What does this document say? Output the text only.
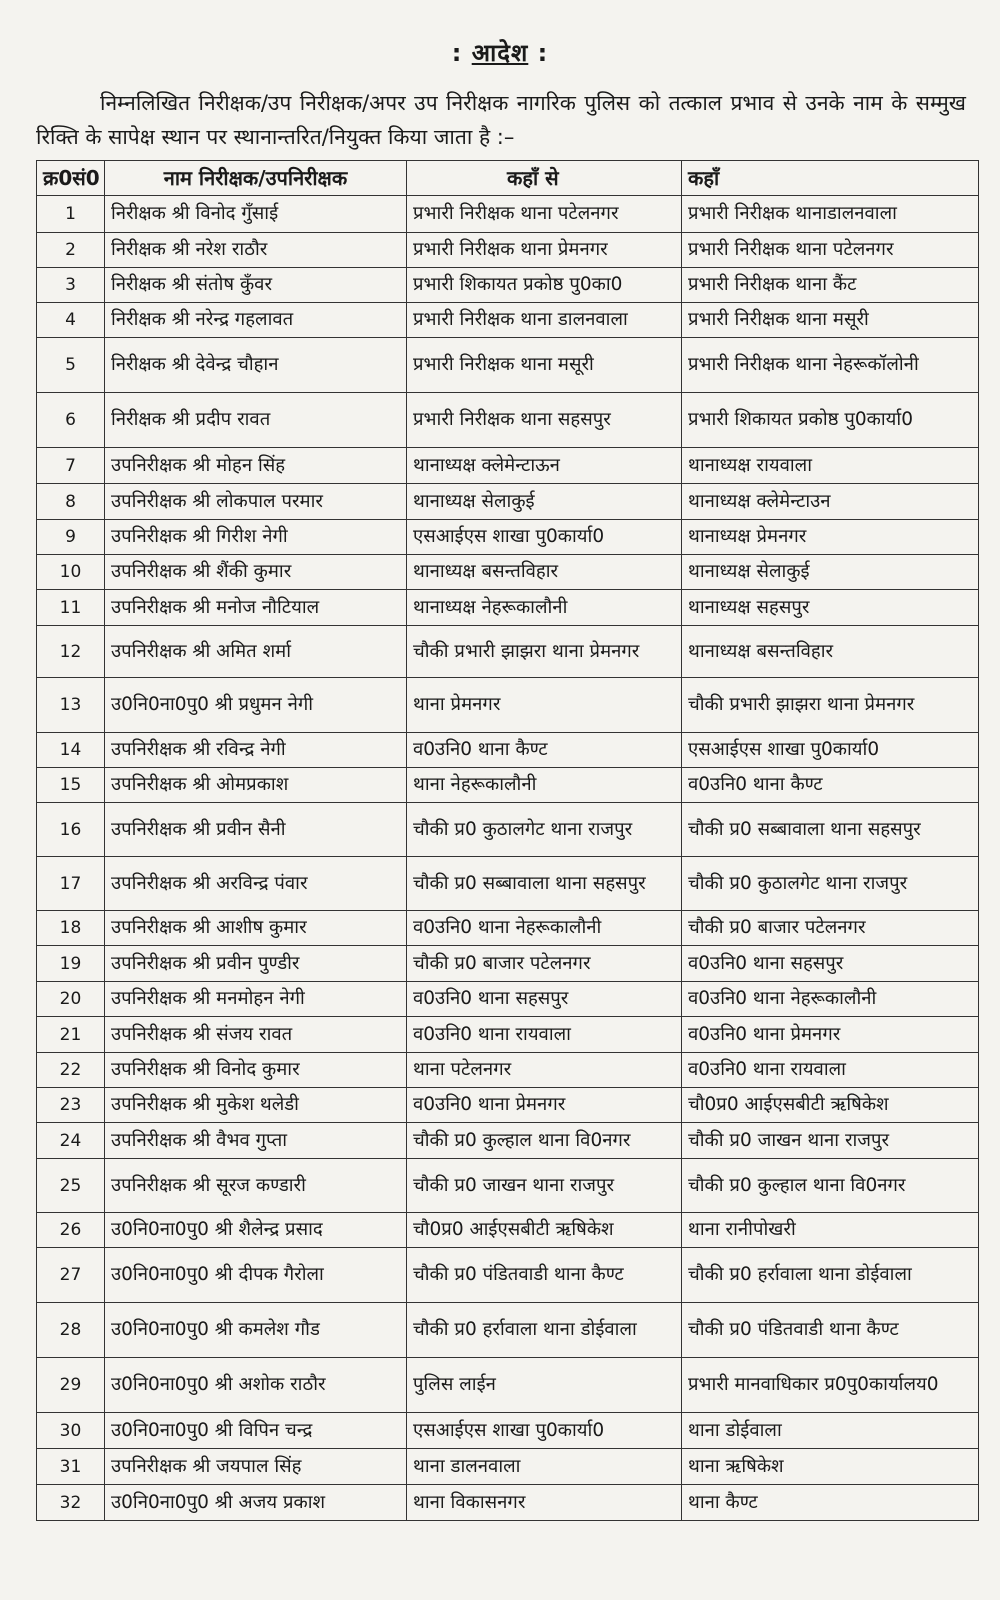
: आदेश :
निम्नलिखित निरीक्षक/उप निरीक्षक/अपर उप निरीक्षक नागरिक पुलिस को तत्काल प्रभाव से उनके नाम के सम्मुख रिक्ति के सापेक्ष स्थान पर स्थानान्तरित/नियुक्त किया जाता है :–
क्र0सं0	नाम निरीक्षक/उपनिरीक्षक	कहाँ से	कहाँ
1	निरीक्षक श्री विनोद गुँसाई	प्रभारी निरीक्षक थाना पटेलनगर	प्रभारी निरीक्षक थानाडालनवाला
2	निरीक्षक श्री नरेश राठौर	प्रभारी निरीक्षक थाना प्रेमनगर	प्रभारी निरीक्षक थाना पटेलनगर
3	निरीक्षक श्री संतोष कुँवर	प्रभारी शिकायत प्रकोष्ठ पु0का0	प्रभारी निरीक्षक थाना कैंट
4	निरीक्षक श्री नरेन्द्र गहलावत	प्रभारी निरीक्षक थाना डालनवाला	प्रभारी निरीक्षक थाना मसूरी
5	निरीक्षक श्री देवेन्द्र चौहान	प्रभारी निरीक्षक थाना मसूरी	प्रभारी निरीक्षक थाना नेहरूकॉलोनी
6	निरीक्षक श्री प्रदीप रावत	प्रभारी निरीक्षक थाना सहसपुर	प्रभारी शिकायत प्रकोष्ठ पु0कार्या0
7	उपनिरीक्षक श्री मोहन सिंह	थानाध्यक्ष क्लेमेन्टाऊन	थानाध्यक्ष रायवाला
8	उपनिरीक्षक श्री लोकपाल परमार	थानाध्यक्ष सेलाकुई	थानाध्यक्ष क्लेमेन्टाउन
9	उपनिरीक्षक श्री गिरीश नेगी	एसआईएस शाखा पु0कार्या0	थानाध्यक्ष प्रेमनगर
10	उपनिरीक्षक श्री शैंकी कुमार	थानाध्यक्ष बसन्तविहार	थानाध्यक्ष सेलाकुई
11	उपनिरीक्षक श्री मनोज नौटियाल	थानाध्यक्ष नेहरूकालौनी	थानाध्यक्ष सहसपुर
12	उपनिरीक्षक श्री अमित शर्मा	चौकी प्रभारी झाझरा थाना प्रेमनगर	थानाध्यक्ष बसन्तविहार
13	उ0नि0ना0पु0 श्री प्रधुमन नेगी	थाना प्रेमनगर	चौकी प्रभारी झाझरा थाना प्रेमनगर
14	उपनिरीक्षक श्री रविन्द्र नेगी	व0उनि0 थाना कैण्ट	एसआईएस शाखा पु0कार्या0
15	उपनिरीक्षक श्री ओमप्रकाश	थाना नेहरूकालौनी	व0उनि0 थाना कैण्ट
16	उपनिरीक्षक श्री प्रवीन सैनी	चौकी प्र0 कुठालगेट थाना राजपुर	चौकी प्र0 सब्बावाला थाना सहसपुर
17	उपनिरीक्षक श्री अरविन्द्र पंवार	चौकी प्र0 सब्बावाला थाना सहसपुर	चौकी प्र0 कुठालगेट थाना राजपुर
18	उपनिरीक्षक श्री आशीष कुमार	व0उनि0 थाना नेहरूकालौनी	चौकी प्र0 बाजार पटेलनगर
19	उपनिरीक्षक श्री प्रवीन पुण्डीर	चौकी प्र0 बाजार पटेलनगर	व0उनि0 थाना सहसपुर
20	उपनिरीक्षक श्री मनमोहन नेगी	व0उनि0 थाना सहसपुर	व0उनि0 थाना नेहरूकालौनी
21	उपनिरीक्षक श्री संजय रावत	व0उनि0 थाना रायवाला	व0उनि0 थाना प्रेमनगर
22	उपनिरीक्षक श्री विनोद कुमार	थाना पटेलनगर	व0उनि0 थाना रायवाला
23	उपनिरीक्षक श्री मुकेश थलेडी	व0उनि0 थाना प्रेमनगर	चौ0प्र0 आईएसबीटी ऋषिकेश
24	उपनिरीक्षक श्री वैभव गुप्ता	चौकी प्र0 कुल्हाल थाना वि0नगर	चौकी प्र0 जाखन थाना राजपुर
25	उपनिरीक्षक श्री सूरज कण्डारी	चौकी प्र0 जाखन थाना राजपुर	चौकी प्र0 कुल्हाल थाना वि0नगर
26	उ0नि0ना0पु0 श्री शैलेन्द्र प्रसाद	चौ0प्र0 आईएसबीटी ऋषिकेश	थाना रानीपोखरी
27	उ0नि0ना0पु0 श्री दीपक गैरोला	चौकी प्र0 पंडितवाडी थाना कैण्ट	चौकी प्र0 हर्रावाला थाना डोईवाला
28	उ0नि0ना0पु0 श्री कमलेश गौड	चौकी प्र0 हर्रावाला थाना डोईवाला	चौकी प्र0 पंडितवाडी थाना कैण्ट
29	उ0नि0ना0पु0 श्री अशोक राठौर	पुलिस लाईन	प्रभारी मानवाधिकार प्र0पु0कार्यालय0
30	उ0नि0ना0पु0 श्री विपिन चन्द्र	एसआईएस शाखा पु0कार्या0	थाना डोईवाला
31	उपनिरीक्षक श्री जयपाल सिंह	थाना डालनवाला	थाना ऋषिकेश
32	उ0नि0ना0पु0 श्री अजय प्रकाश	थाना विकासनगर	थाना कैण्ट
